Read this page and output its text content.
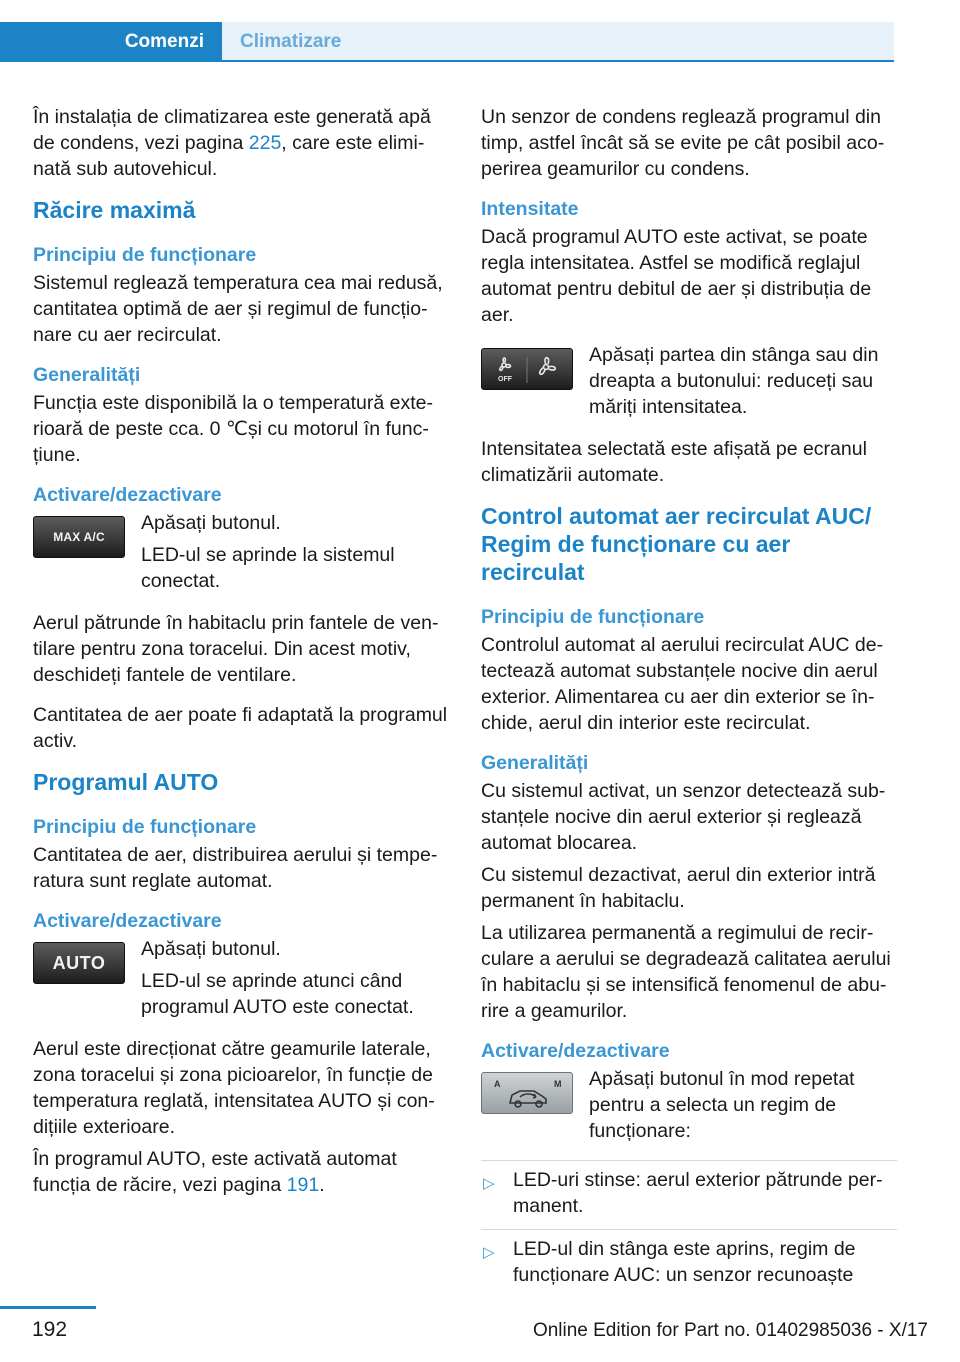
Comenzi	Climatizare

În instalația de climatizarea este generată apă de condens, vezi pagina 225, care este eliminată sub autovehicul.

Răcire maximă
Principiu de funcționare

Sistemul reglează temperatura cea mai redusă, cantitatea optimă de aer și regimul de funcționare cu aer recirculat.

Generalități

Funcția este disponibilă la o temperatură exterioară de peste cca. 0 ℃și cu motorul în funcțiune.

Activare/dezactivare
MAX A/C

Apăsați butonul.

LED-ul se aprinde la sistemul conectat.

Aerul pătrunde în habitaclu prin fantele de ventilare pentru zona toracelui. Din acest motiv, deschideți fantele de ventilare.

Cantitatea de aer poate fi adaptată la programul activ.

Programul AUTO
Principiu de funcționare

Cantitatea de aer, distribuirea aerului și temperatura sunt reglate automat.

Activare/dezactivare
AUTO

Apăsați butonul.

LED-ul se aprinde atunci când programul AUTO este conectat.

Aerul este direcționat către geamurile laterale, zona toracelui și zona picioarelor, în funcție de temperatura reglată, intensitatea AUTO și condițiile exterioare.

În programul AUTO, este activată automat funcția de răcire, vezi pagina 191.

Un senzor de condens reglează programul din timp, astfel încât să se evite pe cât posibil acoperirea geamurilor cu condens.

Intensitate

Dacă programul AUTO este activat, se poate regla intensitatea. Astfel se modifică reglajul automat pentru debitul de aer și distribuția de aer.

OFF

Apăsați partea din stânga sau din dreapta a butonului: reduceți sau măriți intensitatea.

Intensitatea selectată este afișată pe ecranul climatizării automate.

Control automat aer recirculat AUC/ Regim de funcționare cu aer recirculat
Principiu de funcționare

Controlul automat al aerului recirculat AUC detectează automat substanțele nocive din aerul exterior. Alimentarea cu aer din exterior se închide, aerul din interior este recirculat.

Generalități

Cu sistemul activat, un senzor detectează substanțele nocive din aerul exterior și reglează automat blocarea.

Cu sistemul dezactivat, aerul din exterior intră permanent în habitaclu.

La utilizarea permanentă a regimului de recirculare a aerului se degradează calitatea aerului în habitaclu și se intensifică fenomenul de aburire a geamurilor.

Activare/dezactivare
A	M Apăsați butonul în mod repetat pentru a selecta un regim de funcționare:

▷ LED-uri stinse: aerul exterior pătrunde permanent.
▷ LED-ul din stânga este aprins, regim de funcționare AUC: un senzor recunoaște
192	Online Edition for Part no. 01402985036 - X/17
